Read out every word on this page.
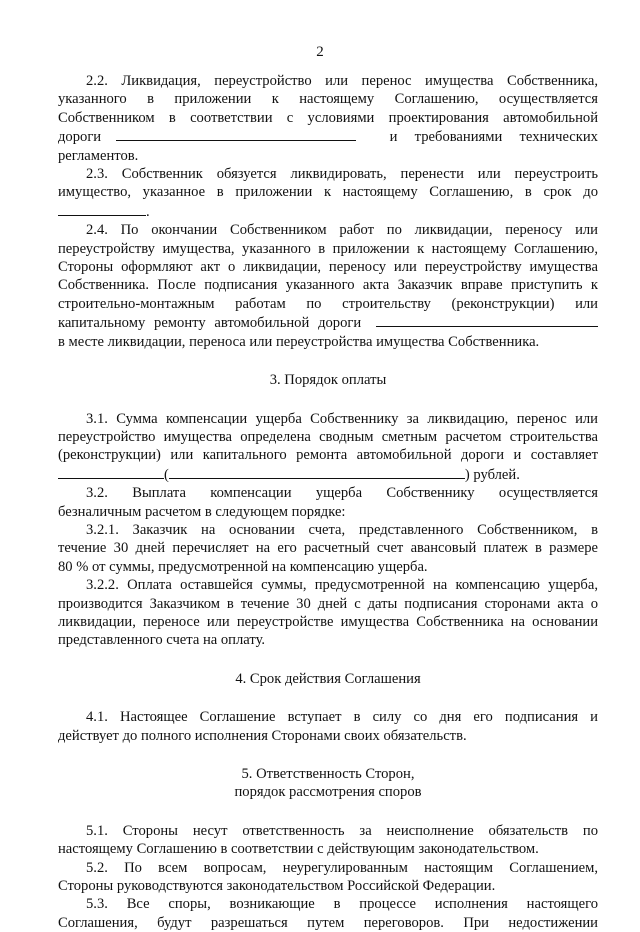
2

2.2. Ликвидация, переустройство или перенос имущества Собственника,

указанного в приложении к настоящему Соглашению, осуществляется

Собственником в соответствии с условиями проектирования автомобильной

дороги	и требованиями технических

регламентов.

2.3. Собственник обязуется ликвидировать, перенести или переустроить

имущество, указанное в приложении к настоящему Соглашению, в срок до

.

2.4. По окончании Собственником работ по ликвидации, переносу или

переустройству имущества, указанного в приложении к настоящему Соглашению,

Стороны оформляют акт о ликвидации, переносу или переустройству имущества

Собственника. После подписания указанного акта Заказчик вправе приступить к

строительно-монтажным работам по строительству (реконструкции) или

капитальному ремонту автомобильной дороги

в месте ликвидации, переноса или переустройства имущества Собственника.

3. Порядок оплаты

3.1. Сумма компенсации ущерба Собственнику за ликвидацию, перенос или

переустройство имущества определена сводным сметным расчетом строительства

(реконструкции) или капитального ремонта автомобильной дороги и составляет

(	) рублей.

3.2. Выплата компенсации ущерба Собственнику осуществляется

безналичным расчетом в следующем порядке:

3.2.1. Заказчик на основании счета, представленного Собственником, в

течение 30 дней перечисляет на его расчетный счет авансовый платеж в размере

80 % от суммы, предусмотренной на компенсацию ущерба.

3.2.2. Оплата оставшейся суммы, предусмотренной на компенсацию ущерба,

производится Заказчиком в течение 30 дней с даты подписания сторонами акта о

ликвидации, переносе или переустройстве имущества Собственника на основании

представленного счета на оплату.

4. Срок действия Соглашения

4.1. Настоящее Соглашение вступает в силу со дня его подписания и

действует до полного исполнения Сторонами своих обязательств.

5. Ответственность Сторон,

порядок рассмотрения споров

5.1. Стороны несут ответственность за неисполнение обязательств по

настоящему Соглашению в соответствии с действующим законодательством.

5.2. По всем вопросам, неурегулированным настоящим Соглашением,

Стороны руководствуются законодательством Российской Федерации.

5.3. Все споры, возникающие в процессе исполнения настоящего

Соглашения, будут разрешаться путем переговоров. При недостижении
